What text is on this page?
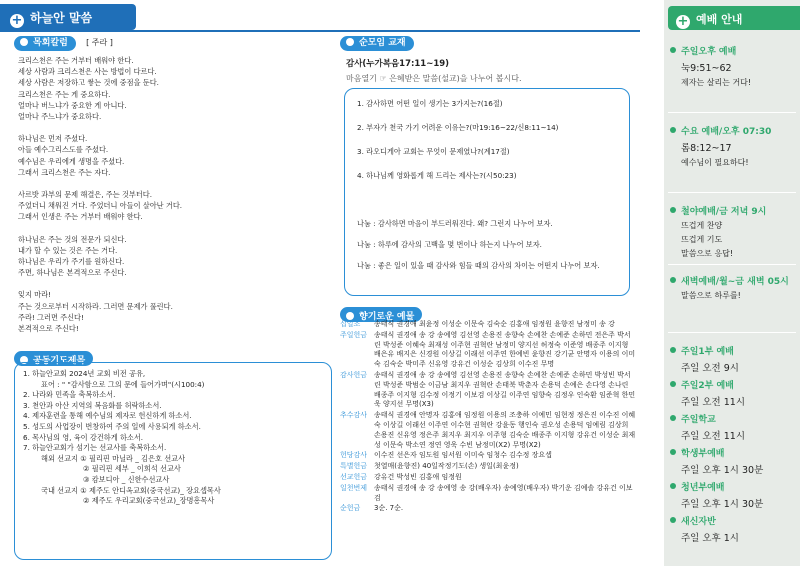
+ 하늘안 말씀
목회칼럼 [ 주라 ]

크리스천은 주는 거부터 배워야 한다.

세상 사람과 크리스천은 사는 방법이 다르다.

세상 사람은 저장하고 쌓는 것에 중점을 둔다.

크리스천은 주는 게 중요하다.

얼마나 버느냐가 중요한 게 아니다.

얼마나 주느냐가 중요하다.

하나님은 먼저 주셨다.

아들 예수그리스도를 주셨다.

예수님은 우리에게 생명을 주셨다.

그래서 크리스천은 주는 자다.

사르밧 과부의 문제 해결은, 주는 것부터다.

주었더니 채워진 거다. 주었더니 아들이 살아난 거다.

그래서 인생은 주는 거부터 배워야 한다.

하나님은 주는 것의 전문가 되신다.

내가 할 수 있는 것은 주는 거다.

하나님은 우리가 주기를 원하신다.

주면, 하나님은 본격적으로 주신다.

잊지 마라!

주는 것으로부터 시작하라. 그러면 문제가 풀린다.

주라! 그러면 주신다!

본격적으로 주신다!

공동기도제목
1. 하늘안교회 2024년 교회 비전 공유,
표어 : " "감사함으로 그의 문에 들어가며"(시100:4)
2. 나라와 민족을 축복하소서.
3. 천안과 아산 지역의 복음화를 허락하소서.
4. 제자훈련을 통해 예수님의 제자로 헌신하게 하소서.
5. 성도의 사업장이 번창하여 주의 일에 사용되게 하소서.
6. 목사님의 영, 육이 강건하게 하소서.
7. 하늘안교회가 섬기는 선교사를 축복하소서.
해외 선교지 ① 필리핀 마닐라 _ 김은호 선교사
② 필리핀 세부 _ 이희석 선교사
③ 캄보디아 _ 신한수선교사
국내 선교지 ① 제주도 안디옥교회(중국선교)_ 장요셉목사
② 제주도 우리교회(중국선교)_장명흥목사
순모임 교재
감사(누가복음17:11~19)
마음열기 ☞ 은혜받은 말씀(설교)을 나누어 봅시다.
1. 감사하면 어떤 일이 생기는 3가지는?(16절)
2. 부자가 천국 가기 어려운 이유는?(마19:16~22/신8:11~14)
3. 라오디게아 교회는 무엇이 문제였나?(계17절)
4. 하나님께 영화롭게 해 드리는 제사는?(시50:23)
나눔 : 감사하면 마음이 부드러워진다. 왜? 그런지 나누어 보자.
나눔 : 하루에 감사의 고백을 몇 번이나 하는지 나누어 보자.
나눔 : 좋은 일이 있을 때 감사와 힘들 때의 감사의 차이는 어떤지 나누어 보자.
향기로운 예물
십일조	송태식 권경애 최윤정 이성순 이문숙 김숙순 김홍애 임정원 윤향진 남정미 송 강
주일헌금 송태식 권경애 송 강 송예영 김선영 손용진 송향숙 손예찬 손예준 손하민 전은주 박서린 박성준 이혜숙 최재성 이주현 권혁란 남정미 양지선 허정숙 이준영 배종주 이지형 배은유 배지은 신경원 이상길 이래선 이주연 한예빈 윤향진 강기균 안명자 이용의 이미숙 김숙순 박미주 신유영 강유건 이성순 김상희 이수진 무명
감사헌금 송태식 권경애 송 강 송예영 김선영 손용진 송향숙 손예찬 손예준 손하민 박성빈 박서린 박성준 박범순 이금남 최지우 권혁란 손태북 박춘자 손용덕 손예은 손다영 손나린 배종주 이지형 김수정 이정기 이보검 이상길 이주연 임향숙 김정우 인숙환 임준혁 한민욱 양지선 무명(X3)
추수감사 송태식 권경애 안명자 김홍애 임정원 이용의 조충하 이예민 임현정 정은진 이수진 이혜숙 이상길 이래선 이주연 이수현 권혁란 강윤동 행인숙 권오성 손용덕 임예림 김상희 손용진 신유영 정은주 최지우 최지우 이주형 김숙순 배종주 이지형 강유건 이성순 최재성 이문숙 박소연 정연 영욱 수빈 남정미(X2) 무명(X2)
헌당감사 이수진 선은자 임도원 임서원 이미숙 임청수 김수정 장요셉
특별헌금 첫열매(윤향진) 40일작정기도(손) 생일(최윤정)
선교헌금 강유건 박성빈 김홍애 임정원
일천번제 송태식 권경애 송 강 송예영 송 강(배우자) 송예영(배우자) 박기운 김예솔 강유건 이보검
순헌금	3순. 7순.
+ 예배 안내
주일오후 예배
눅9:51~62
제자는 살리는 거다!
수요 예배/오후 07:30
롬8:12~17
예수님이 필요하다!
철야예배/금 저녁 9시
뜨겁게 찬양
뜨겁게 기도
말씀으로 응답!
새벽예배/월~금 새벽 05시
말씀으로 하루를!
주일1부 예배
주일 오전 9시
주일2부 예배
주일 오전 11시
주일학교
주일 오전 11시
학생부예배
주일 오후 1시 30분
청년부예배
주일 오후 1시 30분
새신자반
주일 오후 1시
